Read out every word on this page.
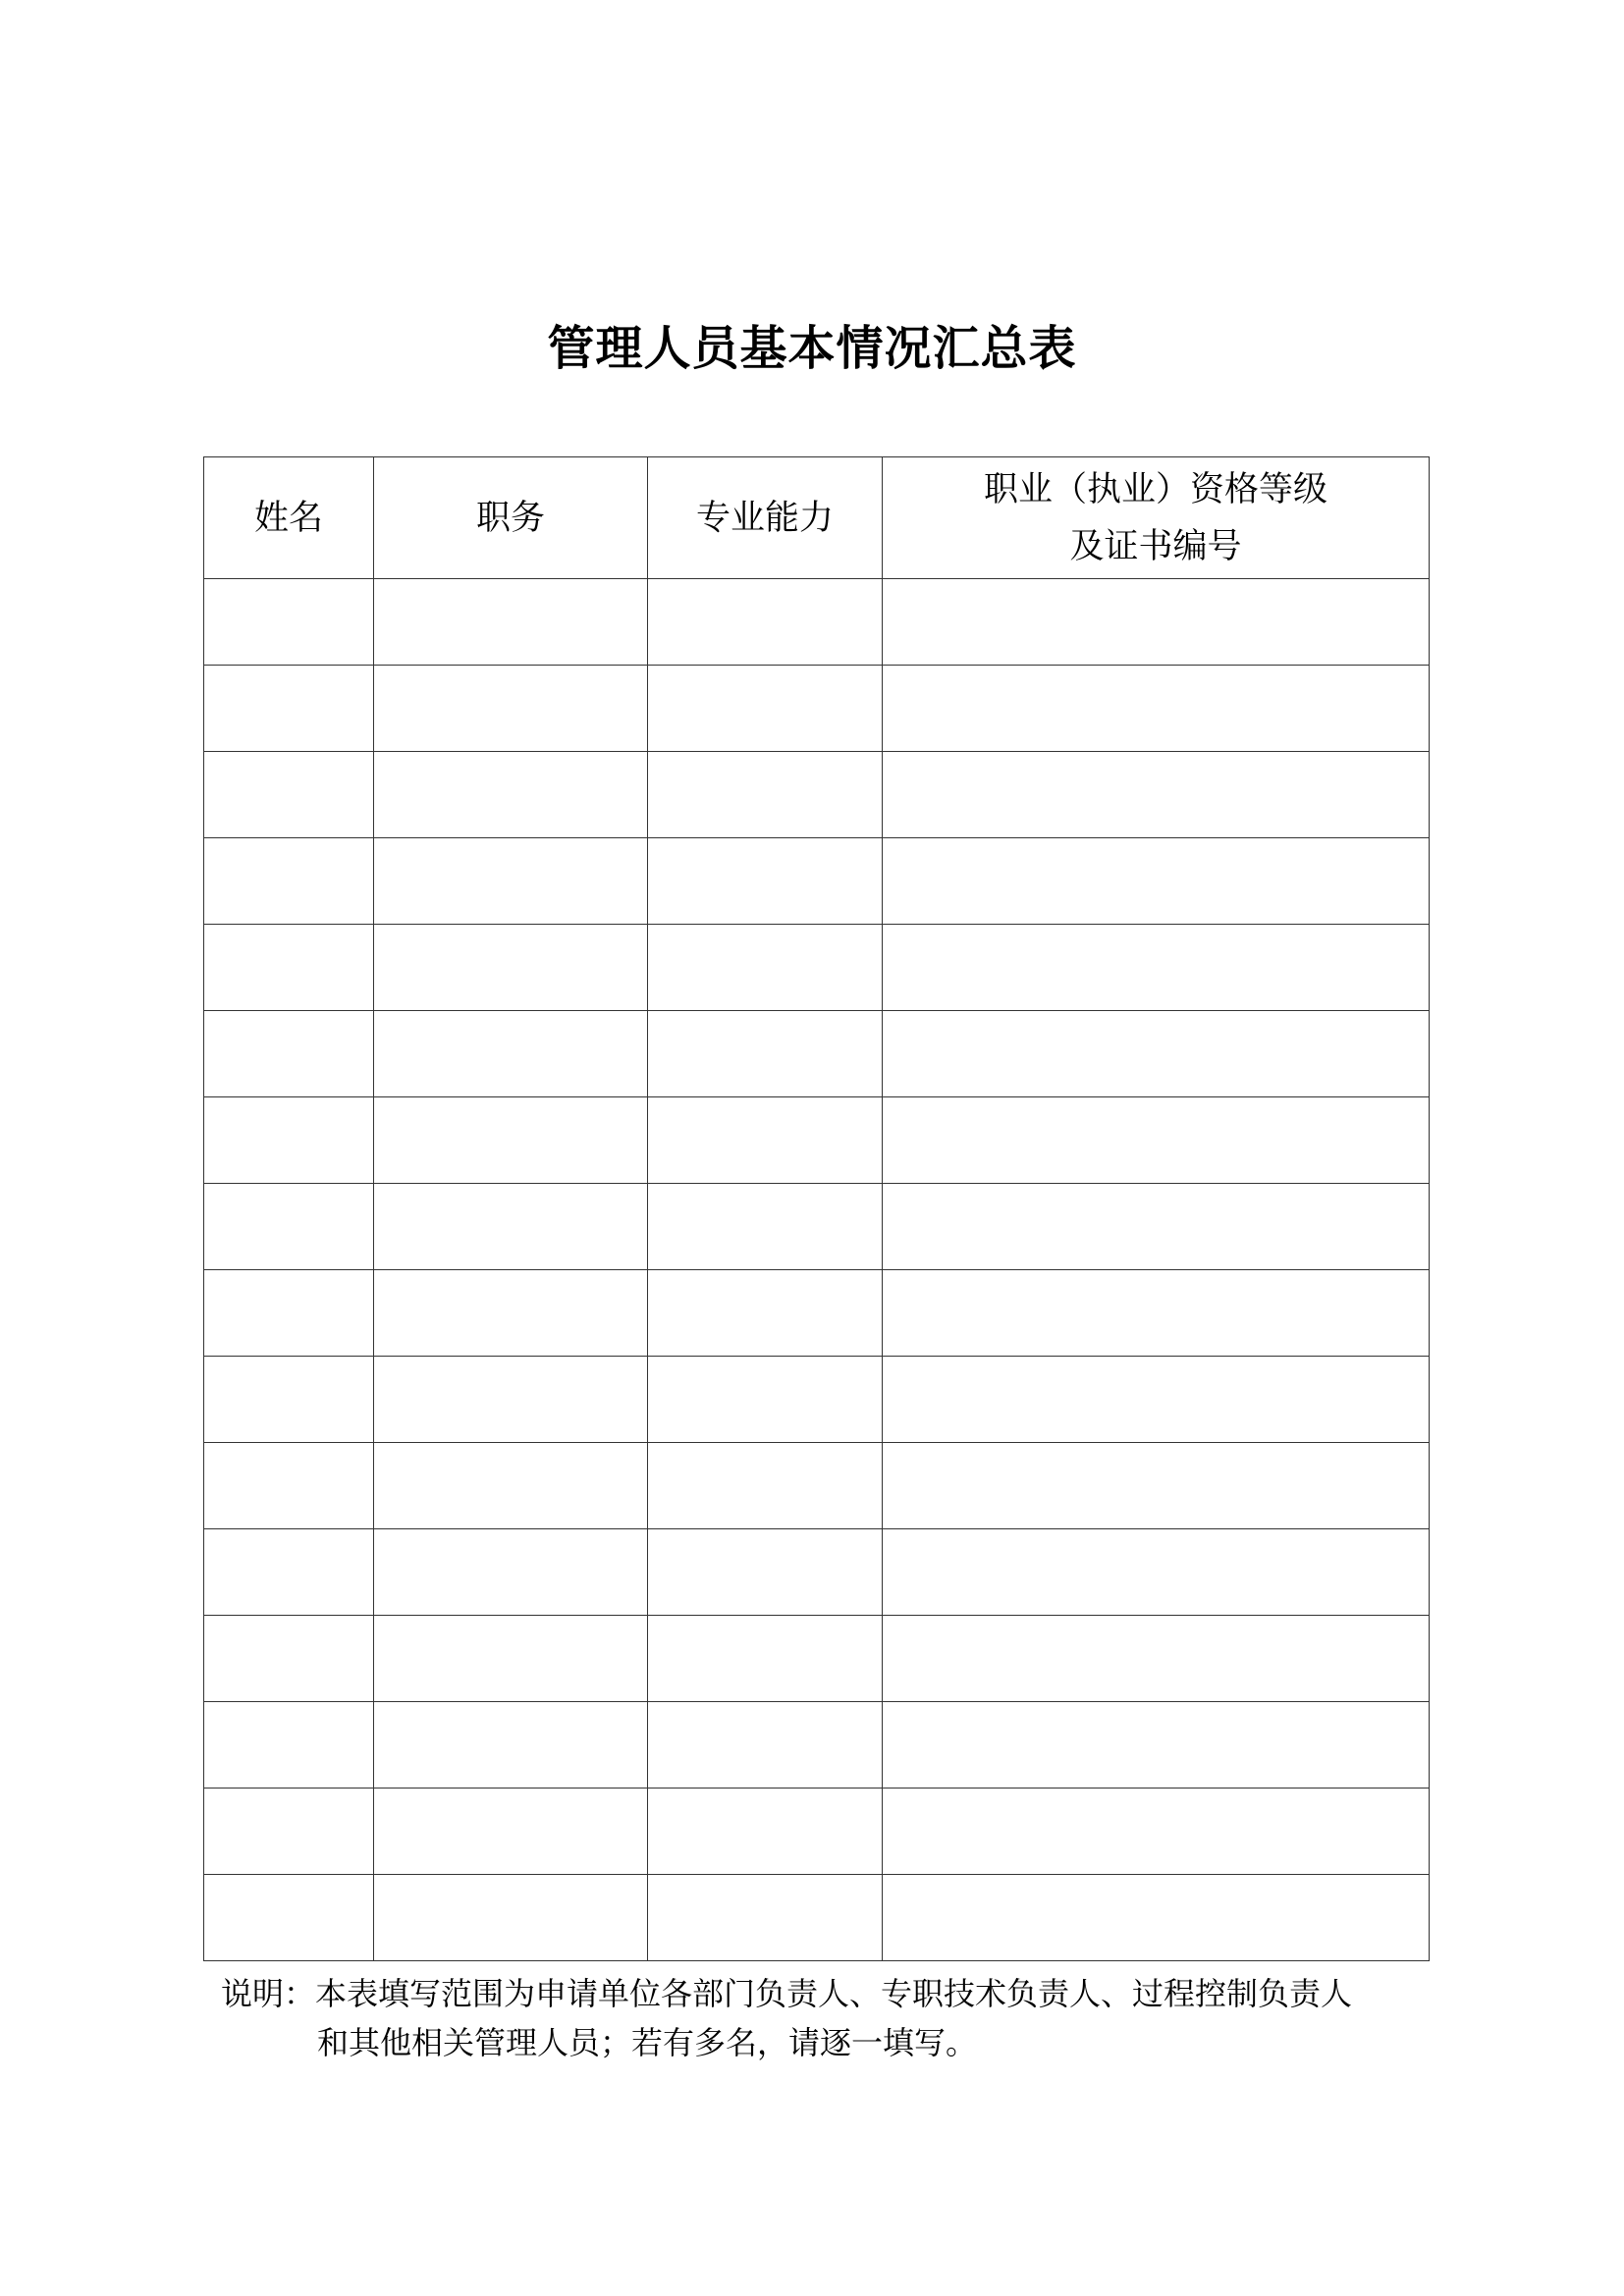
管理人员基本情况汇总表
姓名	职务	专业能力	职业（执业）资格等级
及证书编号

说明：本表填写范围为申请单位各部门负责人、专职技术负责人、过程控制负责人
和其他相关管理人员；若有多名，请逐一填写。
